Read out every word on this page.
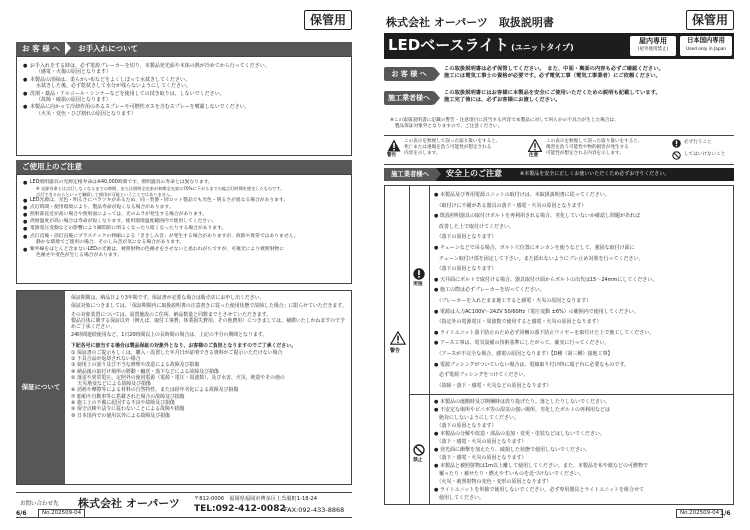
保管用
お 客 様 へ お手入れについて
● お手入れをする時は、必ず電源ブレーカーを切り、本製品発光面や本体の熱が冷めてから行ってください。
（感電・火傷の原因となります）
● 本製品の清掃は、柔らかい布などをよくしぼって水拭きしてください。
水拭きした後、必ず乾拭きして水分が残らないようにしてください。
● 洗剤・薬品・アルコール・シンナーなどを使用しての拭き取りは、しないでください。
（故障・破損の原因となります）
● 本製品に向かって冷却作用のあるスプレーや可燃性ガスを含むスプレーを噴霧しないでください。
（火災・変色・ひび割れの原因となります）
ご使用上のご注意
● LED照明器具の光源定格寿命は※40,000時間です。照明器具の寿命とは異なります。
※ 光源寿命とは点灯しなくなるまでの時間、または照明全光束が初期全光束の70%に下がるまでの総点灯時間を推定したものです。
点灯できるからといって継続して使用が可能ということではありません。
● LED光源は、光色・明るさにバラツキがあるため、同一型番・同ロット製品でも光色・明るさが異なる場合があります。
● 点灯時間・使用環境により、製品寿命が短くなる場合があります。
● 照射部直近が高い場合や照射面によっては、光のムラが発生する場合があります。
● 周囲温度が高い場合は寿命が短くなります。使用環境温度範囲内で使用してください。
● 電源電圧変動などの影響により瞬間的に明るくなったり暗くなったりする場合があります。
● 点灯直後・消灯直後にプラスチックの伸縮による「ききしみ音」が発生する場合がありますが、故障や異常ではありません。
静かな環境でご使用の場合、そのしみ音が気になる場合があります。
● 紫外線をほとんど含まないLEDの光源は、被照射物の色褪せをさせないと思われがちですが、可視光により被照射物に
色褪せや変色が生じる場合があります。
保証について
保証期間は、納品日より3年間です。保証書が必要な場合は販売店にお申し出ください。
保証対象につきましては、「保証期間内に取扱説明書の注意書きに従った使用状態で故障した場合」に限らせていただきます。
その対象装置については、設置施設のご住所、納品数量と同数までとさせていただきます。
製品自体に関する保証以外（例えば、取付工事費、休業損失費用、その他費用）につきましては、補償いたしかねますので予めご了承ください。
24時間連続使用など、1日20時間以上の長時間の場合は、上記の半分の期間となります。
下記各号に該当する場合は製品保証の対象外となり、お客様のご負担となりますのでご了承ください。
① 保証書のご提示もしくは、購入・設置した年月日が証明できる資料がご提示いただけない場合
② 不具合品が返却されない場合
③ 使用上の誤り及び不当な修理や改造による故障及び損傷
④ 納品後の取付け場所の移動・輸送・落下などによる故障及び損傷
⑤ 落雷や異常電圧、定照外の使用電源（電源・電圧・周波数）、及び水害、火災、地震やその他の
　 天災地変などによる故障及び損傷
⑥ 消耗や摩擦等による材料の自然特性、または経年劣化による故障及び損傷
⑦ 船舶や自動車等に搭載された場合の故障及び損傷
⑧ 施工上の不備に起因する不良や故障及び損傷
⑨ 保守点検や法令に従わないことによる故障や損傷
⑩ 日本国内での使用以外による故障及び損傷
お問い合わせ先 株式会社 オーパーツ	〒812-0006　福岡県福岡市博多区上呉服町1-18-24
TEL:092-412-0082
FAX:092-433-8868
6/6	No.202509-04
株式会社 オーパーツ　取扱説明書	保管用
LEDベースライト (ユニットタイプ)
屋内専用
(屋外使用禁止)
日本国内専用
Used only in Japan
お 客 様 へ
この取扱説明書は必ず保管してください。　また、中面・裏面の内容も必ずご確認ください。
施工には電気工事士の資格が必要です。必ず電気工事（電気工事業者）にご依頼ください。
施工業者様へ
この取扱説明書にはお客様に本製品を安全にご使用いただくための説明も記載しています。
施工完了後には、必ずお客様にお渡しください。
※この取扱説明書に記載の警告・注意項目に該当する内容で本製品に対して何らかの不具合が生じた場合は、
　製品保証対象外となりますので、ご注意ください。
警告
この表示を無視して誤った取り扱いをすると、
死亡または重傷を負う可能性が想定される
内容を示します。	注意
この表示を無視して誤った取り扱いをすると、
傷害を負う可能性や物的損害が発生する
可能性が想定される内容を示します。
必ず行うこと
してはいけないこと
施工業者様へ	安全上のご注意	※本製品を安全に正しくお使いいただくため必ずお守りください。
警告
実施
禁止
● 本製品及び専用電源ユニットの取付けは、本取扱説明書に従ってください。
　（取付けに不備がある器具の落下・感電・火災の原因となります）
● 既設照明器具の取付けボルトを再利用される場合、劣化していないか確認し問題があれば
　改善した上で取付けてください。
　（落下の原因となります）
● チェーンなどで吊る場合、ボルト穴位置にオンカンを使うなどして、強固な取付け面に
　チェーン取付け部を固定して下さい。また揺れないようにブレ止め対策を行ってください。
　（落下の原因となります）
● 天井面にボルトで取付ける場合、器具取付け面からボルトの出代は15〜24mmにしてください。
● 施工の際は必ずブレーカーを切ってください。
　（ブレーカーを入れたまま施工すると感電・火災の原因となります）
● 電源は入力AC100V〜242V 50/60Hz（電圧変動 ±6%）の範囲内で使用してください。
　（指定外の電源電圧・周波数で使用すると感電・火災の原因となります）
● ライトユニット落下防止のため必ず同梱の落下防止ワイヤーを取付けた上で施工してください。
● アース工事は、電気設備の技術基準にしたがって、確実に行ってください。
　（アースが不完全な場合、感電の原因となります）【D種（第三種）接地工事】
● 電源ブッシングがついていない場合は、電線取り付け時に端子台に必要なものです。
　必ず電源ブッシングをつけてください。
　（故障・落下・感電・火災などの原因となります）
● 本製品の運搬時及び開梱時は放り投げたり、落としたりしないでください。
● 不安定な場所やビニボ等の湿気の強い場所、劣化したボルトの再利用などは
　絶対にしないようにしてください。
　（落下の原因となります）
● 本製品の分解や改造・部品の追加・変更・塗装などはしないでください。
　（落下・感電・火災の原因となります）
● 発光面に衝撃を加えたり、破損した状態で使用しないでください。
　（落下・感電・火災の原因となります）
● 本製品と被照射物は1m以上離して使用してください。また、本製品を布や紙などの可燃物で
　覆ったり・被せたり・燃えやすいものを近づけないでください。
　（火災・被照射物の変色・変形の原因となります）
● ライトユニットを単独で使用しないでください。必ず専用器具とライトユニットを組合せて
　使用してください。
No.202509-04 1/6
